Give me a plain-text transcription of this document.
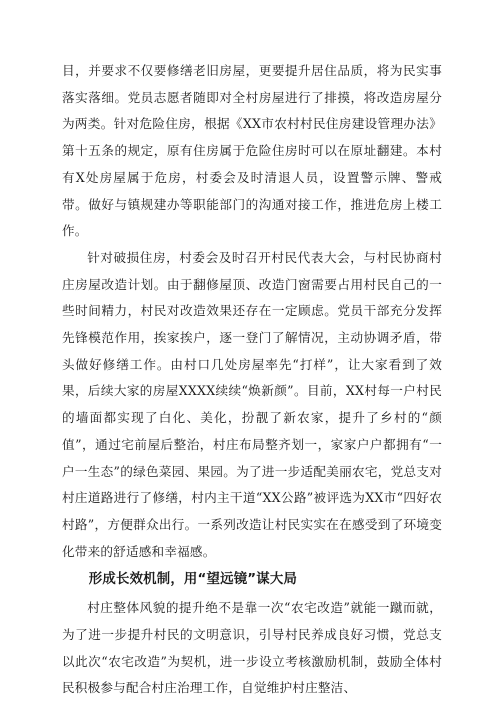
目，并要求不仅要修缮老旧房屋，更要提升居住品质，将为民实事落实落细。党员志愿者随即对全村房屋进行了排摸，将改造房屋分为两类。针对危险住房，根据《XX市农村村民住房建设管理办法》第十五条的规定，原有住房属于危险住房时可以在原址翻建。本村有X处房屋属于危房，村委会及时清退人员，设置警示牌、警戒带。做好与镇规建办等职能部门的沟通对接工作，推进危房上楼工作。

针对破损住房，村委会及时召开村民代表大会，与村民协商村庄房屋改造计划。由于翻修屋顶、改造门窗需要占用村民自己的一些时间精力，村民对改造效果还存在一定顾虑。党员干部充分发挥先锋模范作用，挨家挨户，逐一登门了解情况，主动协调矛盾，带头做好修缮工作。由村口几处房屋率先“打样”，让大家看到了效果，后续大家的房屋XXXX续续“焕新颜”。目前，XX村每一户村民的墙面都实现了白化、美化，扮靓了新农家，提升了乡村的“颜值”，通过宅前屋后整治，村庄布局整齐划一，家家户户都拥有“一户一生态”的绿色菜园、果园。为了进一步适配美丽农宅，党总支对村庄道路进行了修缮，村内主干道“XX公路”被评选为XX市“四好农村路”，方便群众出行。一系列改造让村民实实在在感受到了环境变化带来的舒适感和幸福感。

形成长效机制，用“望远镜”谋大局

村庄整体风貌的提升绝不是靠一次“农宅改造”就能一蹴而就，为了进一步提升村民的文明意识，引导村民养成良好习惯，党总支以此次“农宅改造”为契机，进一步设立考核激励机制，鼓励全体村民积极参与配合村庄治理工作，自觉维护村庄整洁、
